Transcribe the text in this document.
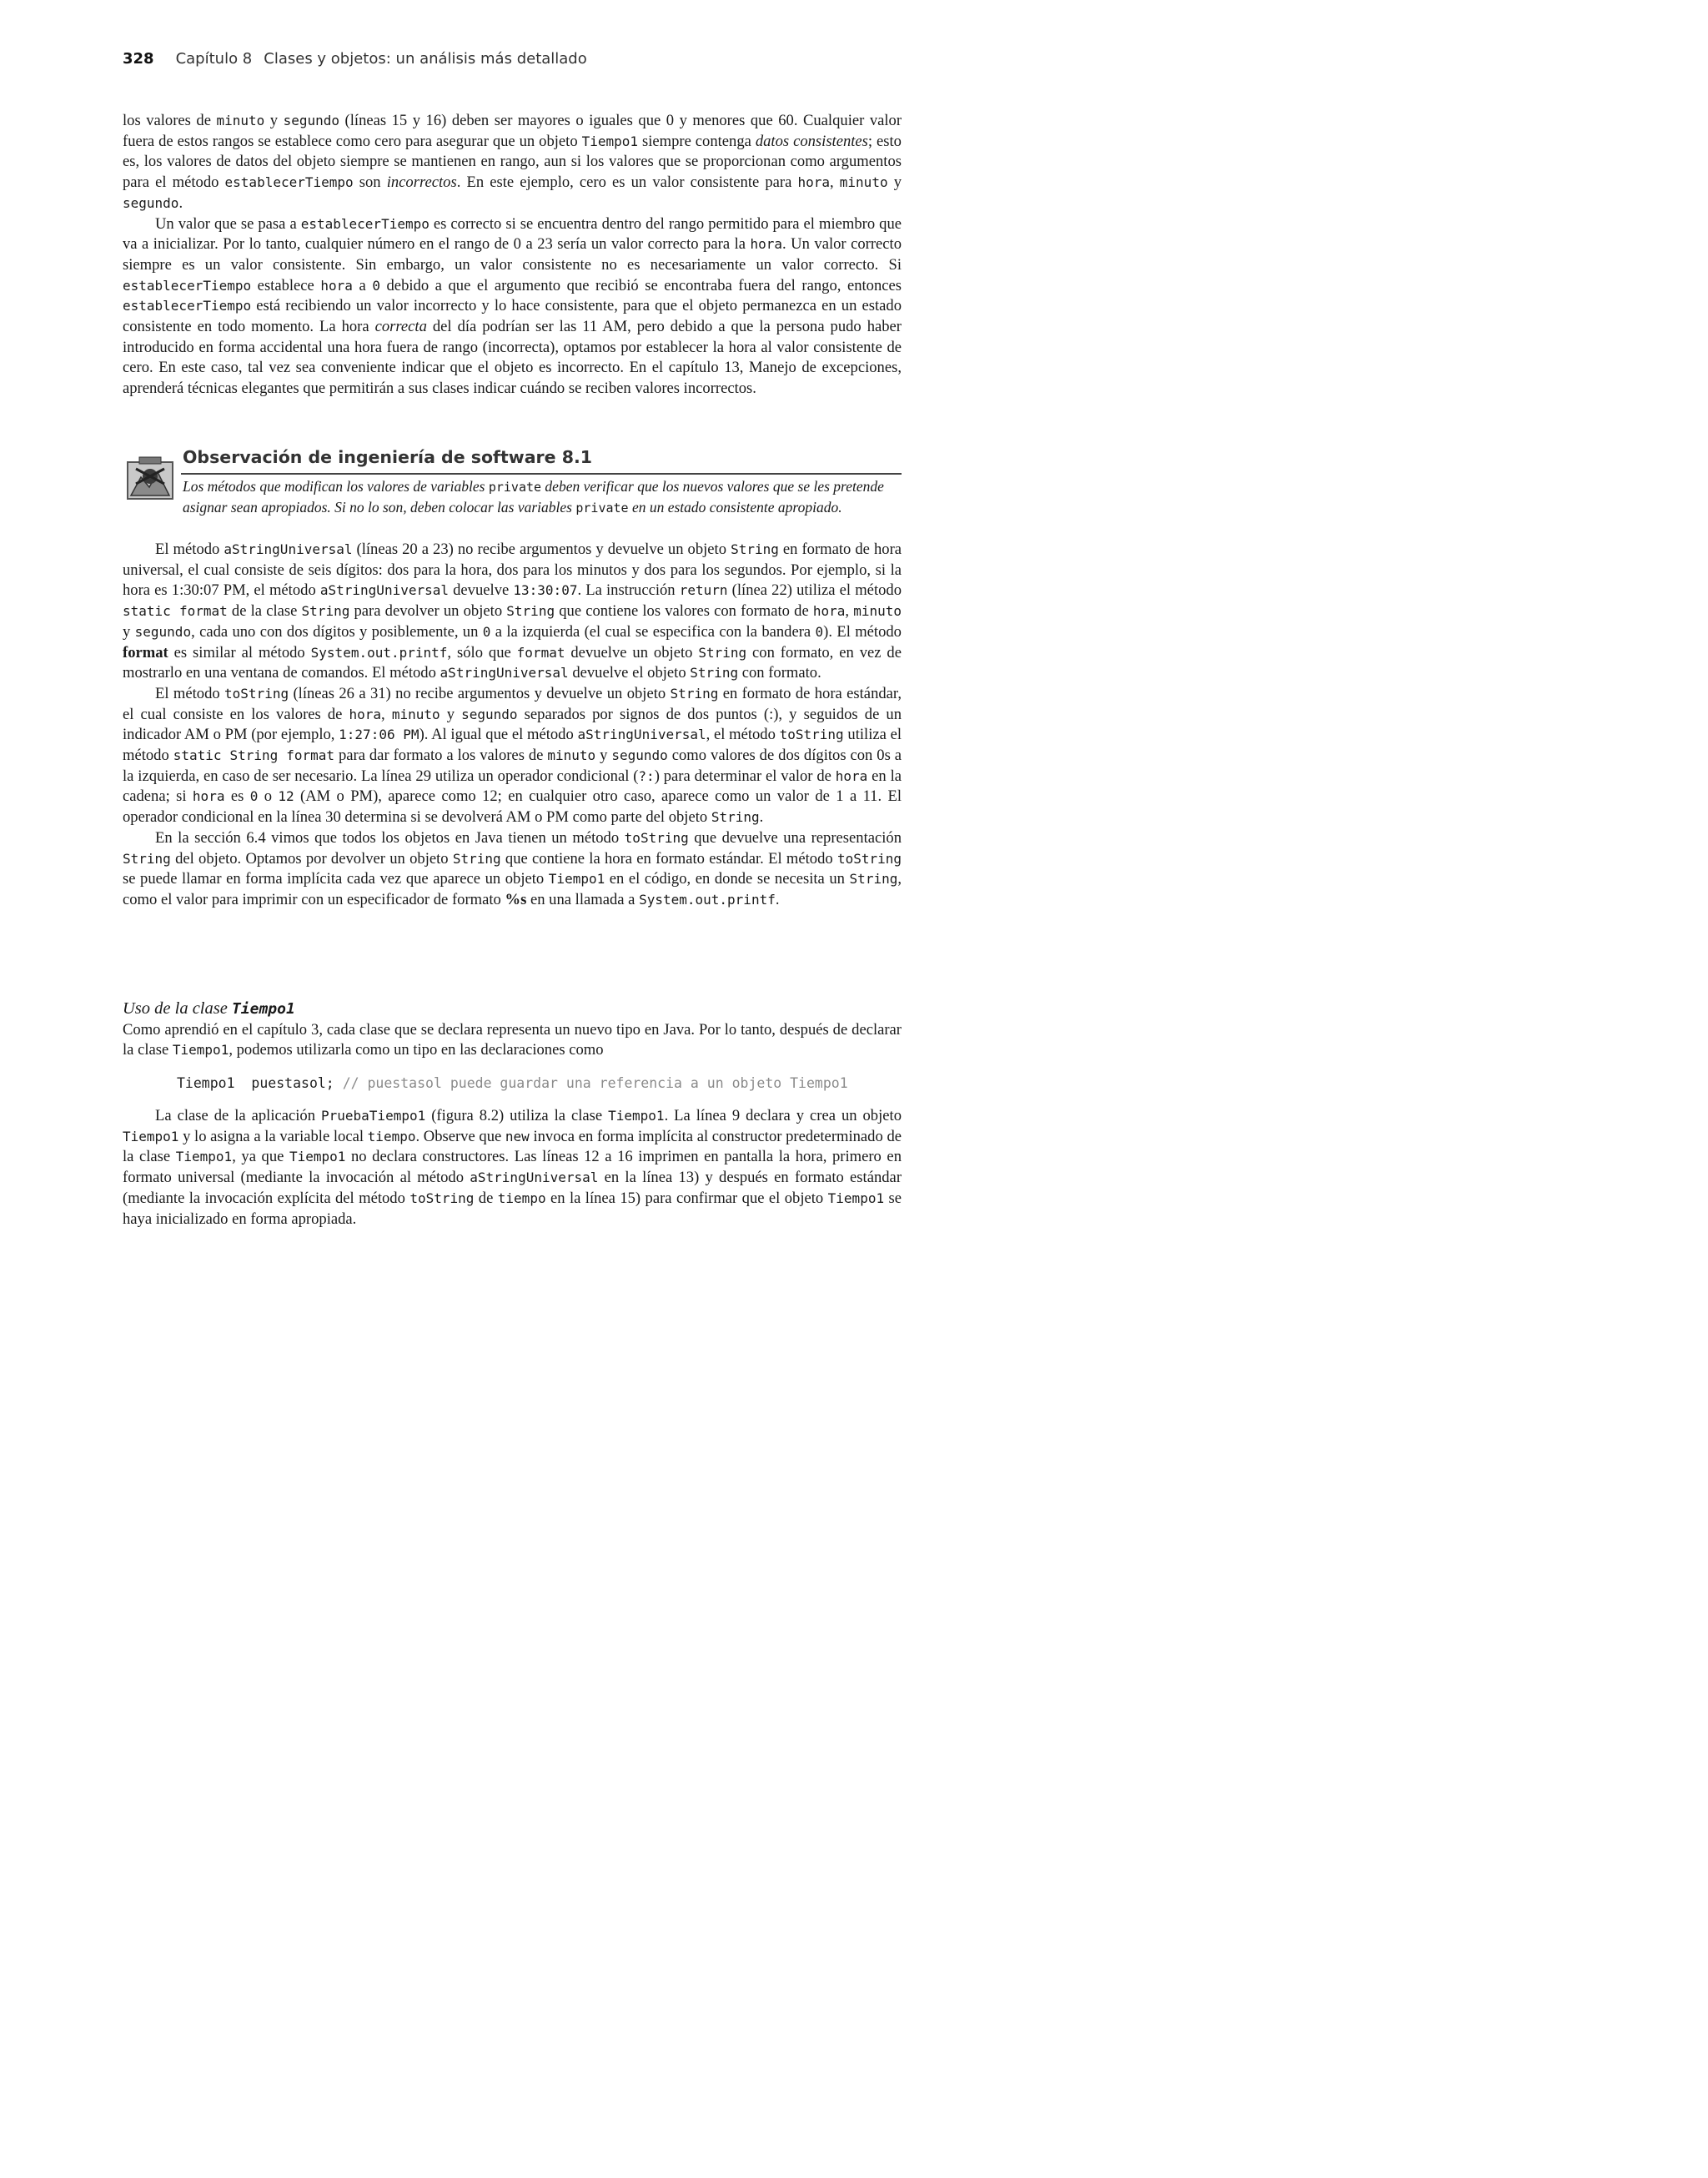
328 Capítulo 8 Clases y objetos: un análisis más detallado

los valores de minuto y segundo (líneas 15 y 16) deben ser mayores o iguales que 0 y menores que 60. Cualquier valor fuera de estos rangos se establece como cero para asegurar que un objeto Tiempo1 siempre contenga datos consistentes; esto es, los valores de datos del objeto siempre se mantienen en rango, aun si los valores que se proporcionan como argumentos para el método establecerTiempo son incorrectos. En este ejemplo, cero es un valor consistente para hora, minuto y segundo.

Un valor que se pasa a establecerTiempo es correcto si se encuentra dentro del rango permitido para el miembro que va a inicializar. Por lo tanto, cualquier número en el rango de 0 a 23 sería un valor correcto para la hora. Un valor correcto siempre es un valor consistente. Sin embargo, un valor consistente no es necesariamente un valor correcto. Si establecerTiempo establece hora a 0 debido a que el argumento que recibió se encontraba fuera del rango, entonces establecerTiempo está recibiendo un valor incorrecto y lo hace consistente, para que el objeto permanezca en un estado consistente en todo momento. La hora correcta del día podrían ser las 11 AM, pero debido a que la persona pudo haber introducido en forma accidental una hora fuera de rango (incorrecta), optamos por establecer la hora al valor consistente de cero. En este caso, tal vez sea conveniente indicar que el objeto es incorrecto. En el capítulo 13, Manejo de excepciones, aprenderá técnicas elegantes que permitirán a sus clases indicar cuándo se reciben valores incorrectos.

Observación de ingeniería de software 8.1

Los métodos que modifican los valores de variables private deben verificar que los nuevos valores que se les pretende asignar sean apropiados. Si no lo son, deben colocar las variables private en un estado consistente apropiado.

El método aStringUniversal (líneas 20 a 23) no recibe argumentos y devuelve un objeto String en formato de hora universal, el cual consiste de seis dígitos: dos para la hora, dos para los minutos y dos para los segundos. Por ejemplo, si la hora es 1:30:07 PM, el método aStringUniversal devuelve 13:30:07. La instrucción return (línea 22) utiliza el método static format de la clase String para devolver un objeto String que contiene los valores con formato de hora, minuto y segundo, cada uno con dos dígitos y posiblemente, un 0 a la izquierda (el cual se especifica con la bandera 0). El método format es similar al método System.out.printf, sólo que format devuelve un objeto String con formato, en vez de mostrarlo en una ventana de comandos. El método aStringUniversal devuelve el objeto String con formato.

El método toString (líneas 26 a 31) no recibe argumentos y devuelve un objeto String en formato de hora estándar, el cual consiste en los valores de hora, minuto y segundo separados por signos de dos puntos (:), y seguidos de un indicador AM o PM (por ejemplo, 1:27:06 PM). Al igual que el método aStringUniversal, el método toString utiliza el método static String format para dar formato a los valores de minuto y segundo como valores de dos dígitos con 0s a la izquierda, en caso de ser necesario. La línea 29 utiliza un operador condicional (?:) para determinar el valor de hora en la cadena; si hora es 0 o 12 (AM o PM), aparece como 12; en cualquier otro caso, aparece como un valor de 1 a 11. El operador condicional en la línea 30 determina si se devolverá AM o PM como parte del objeto String.

En la sección 6.4 vimos que todos los objetos en Java tienen un método toString que devuelve una representación String del objeto. Optamos por devolver un objeto String que contiene la hora en formato estándar. El método toString se puede llamar en forma implícita cada vez que aparece un objeto Tiempo1 en el código, en donde se necesita un String, como el valor para imprimir con un especificador de formato %s en una llamada a System.out.printf.

Uso de la clase Tiempo1

Como aprendió en el capítulo 3, cada clase que se declara representa un nuevo tipo en Java. Por lo tanto, después de declarar la clase Tiempo1, podemos utilizarla como un tipo en las declaraciones como

Tiempo1  puestasol; // puestasol puede guardar una referencia a un objeto Tiempo1

La clase de la aplicación PruebaTiempo1 (figura 8.2) utiliza la clase Tiempo1. La línea 9 declara y crea un objeto Tiempo1 y lo asigna a la variable local tiempo. Observe que new invoca en forma implícita al constructor predeterminado de la clase Tiempo1, ya que Tiempo1 no declara constructores. Las líneas 12 a 16 imprimen en pantalla la hora, primero en formato universal (mediante la invocación al método aStringUniversal en la línea 13) y después en formato estándar (mediante la invocación explícita del método toString de tiempo en la línea 15) para confirmar que el objeto Tiempo1 se haya inicializado en forma apropiada.
